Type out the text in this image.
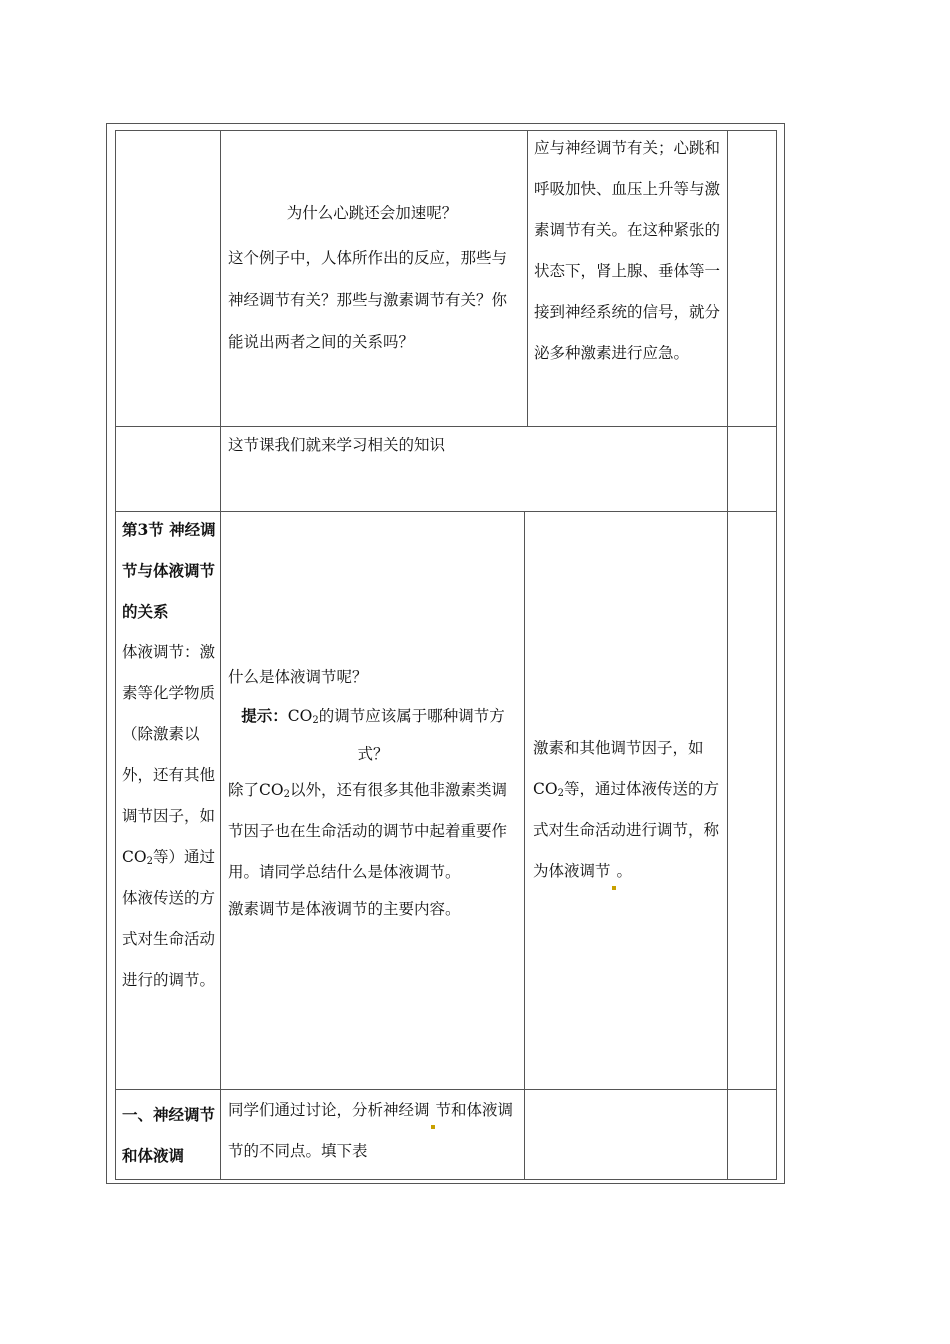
为什么心跳还会加速呢？
这个例子中，人体所作出的反应，那些与神经调节有关？那些与激素调节有关？你能说出两者之间的关系吗？
应与神经调节有关；心跳和呼吸加快、血压上升等与激素调节有关。在这种紧张的状态下，肾上腺、垂体等一接到神经系统的信号，就分泌多种激素进行应急。
这节课我们就来学习相关的知识
第3节 神经调节与体液调节的关系
体液调节：激素等化学物质（除激素以外，还有其他调节因子，如$CO_2$等）通过体液传送的方式对生命活动进行的调节。
什么是体液调节呢？
提示：$CO_2$的调节应该属于哪种调节方式？
除了$CO_2$以外，还有很多其他非激素类调节因子也在生命活动的调节中起着重要作用。请同学总结什么是体液调节。
激素调节是体液调节的主要内容。
激素和其他调节因子，如$CO_2$等，通过体液传送的方式对生命活动进行调节，称为体液调节 。
一、神经调节和体液调
同学们通过讨论，分析神经调 节和体液调节的不同点。填下表
